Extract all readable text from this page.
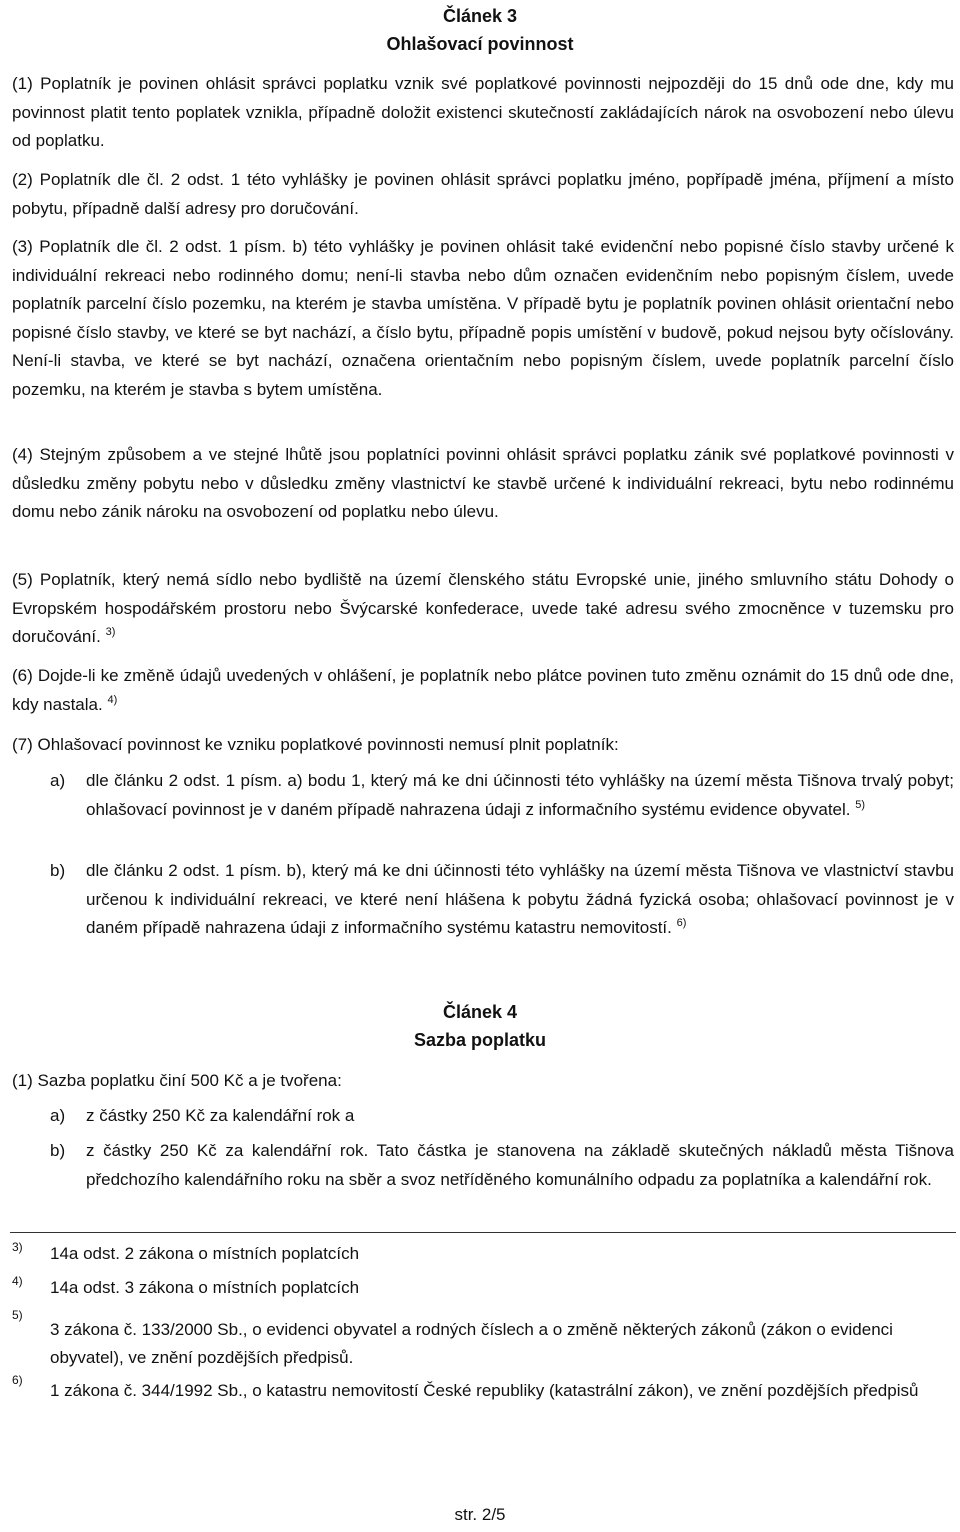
Článek 3
Ohlašovací povinnost
(1) Poplatník je povinen ohlásit správci poplatku vznik své poplatkové povinnosti nejpozději do 15 dnů ode dne, kdy mu povinnost platit tento poplatek vznikla, případně doložit existenci skutečností zakládajících nárok na osvobození nebo úlevu od poplatku.
(2) Poplatník dle čl. 2 odst. 1 této vyhlášky je povinen ohlásit správci poplatku jméno, popřípadě jména, příjmení a místo pobytu, případně další adresy pro doručování.
(3) Poplatník dle čl. 2 odst. 1 písm. b) této vyhlášky je povinen ohlásit také evidenční nebo popisné číslo stavby určené k individuální rekreaci nebo rodinného domu; není-li stavba nebo dům označen evidenčním nebo popisným číslem, uvede poplatník parcelní číslo pozemku, na kterém je stavba umístěna. V případě bytu je poplatník povinen ohlásit orientační nebo popisné číslo stavby, ve které se byt nachází, a číslo bytu, případně popis umístění v budově, pokud nejsou byty očíslovány. Není-li stavba, ve které se byt nachází, označena orientačním nebo popisným číslem, uvede poplatník parcelní číslo pozemku, na kterém je stavba s bytem umístěna.
(4) Stejným způsobem a ve stejné lhůtě jsou poplatníci povinni ohlásit správci poplatku zánik své poplatkové povinnosti v důsledku změny pobytu nebo v důsledku změny vlastnictví ke stavbě určené k individuální rekreaci, bytu nebo rodinnému domu nebo zánik nároku na osvobození od poplatku nebo úlevu.
(5) Poplatník, který nemá sídlo nebo bydliště na území členského státu Evropské unie, jiného smluvního státu Dohody o Evropském hospodářském prostoru nebo Švýcarské konfederace, uvede také adresu svého zmocněnce v tuzemsku pro doručování. $^{3)}$
(6) Dojde-li ke změně údajů uvedených v ohlášení, je poplatník nebo plátce povinen tuto změnu oznámit do 15 dnů ode dne, kdy nastala. $^{4)}$
(7) Ohlašovací povinnost ke vzniku poplatkové povinnosti nemusí plnit poplatník:
a) dle článku 2 odst. 1 písm. a) bodu 1, který má ke dni účinnosti této vyhlášky na území města Tišnova trvalý pobyt; ohlašovací povinnost je v daném případě nahrazena údaji z informačního systému evidence obyvatel. $^{5)}$
b) dle článku 2 odst. 1 písm. b), který má ke dni účinnosti této vyhlášky na území města Tišnova ve vlastnictví stavbu určenou k individuální rekreaci, ve které není hlášena k pobytu žádná fyzická osoba; ohlašovací povinnost je v daném případě nahrazena údaji z informačního systému katastru nemovitostí. $^{6)}$
Článek 4
Sazba poplatku
(1) Sazba poplatku činí 500 Kč a je tvořena:
a) z částky 250 Kč za kalendářní rok a
b) z částky 250 Kč za kalendářní rok. Tato částka je stanovena na základě skutečných nákladů města Tišnova předchozího kalendářního roku na sběr a svoz netříděného komunálního odpadu za poplatníka a kalendářní rok.
3) 14a odst. 2 zákona o místních poplatcích
4) 14a odst. 3 zákona o místních poplatcích
5)
3 zákona č. 133/2000 Sb., o evidenci obyvatel a rodných číslech a o změně některých zákonů (zákon o evidenci obyvatel), ve znění pozdějších předpisů.
6)
1 zákona č. 344/1992 Sb., o katastru nemovitostí České republiky (katastrální zákon), ve znění pozdějších předpisů
str. 2/5
